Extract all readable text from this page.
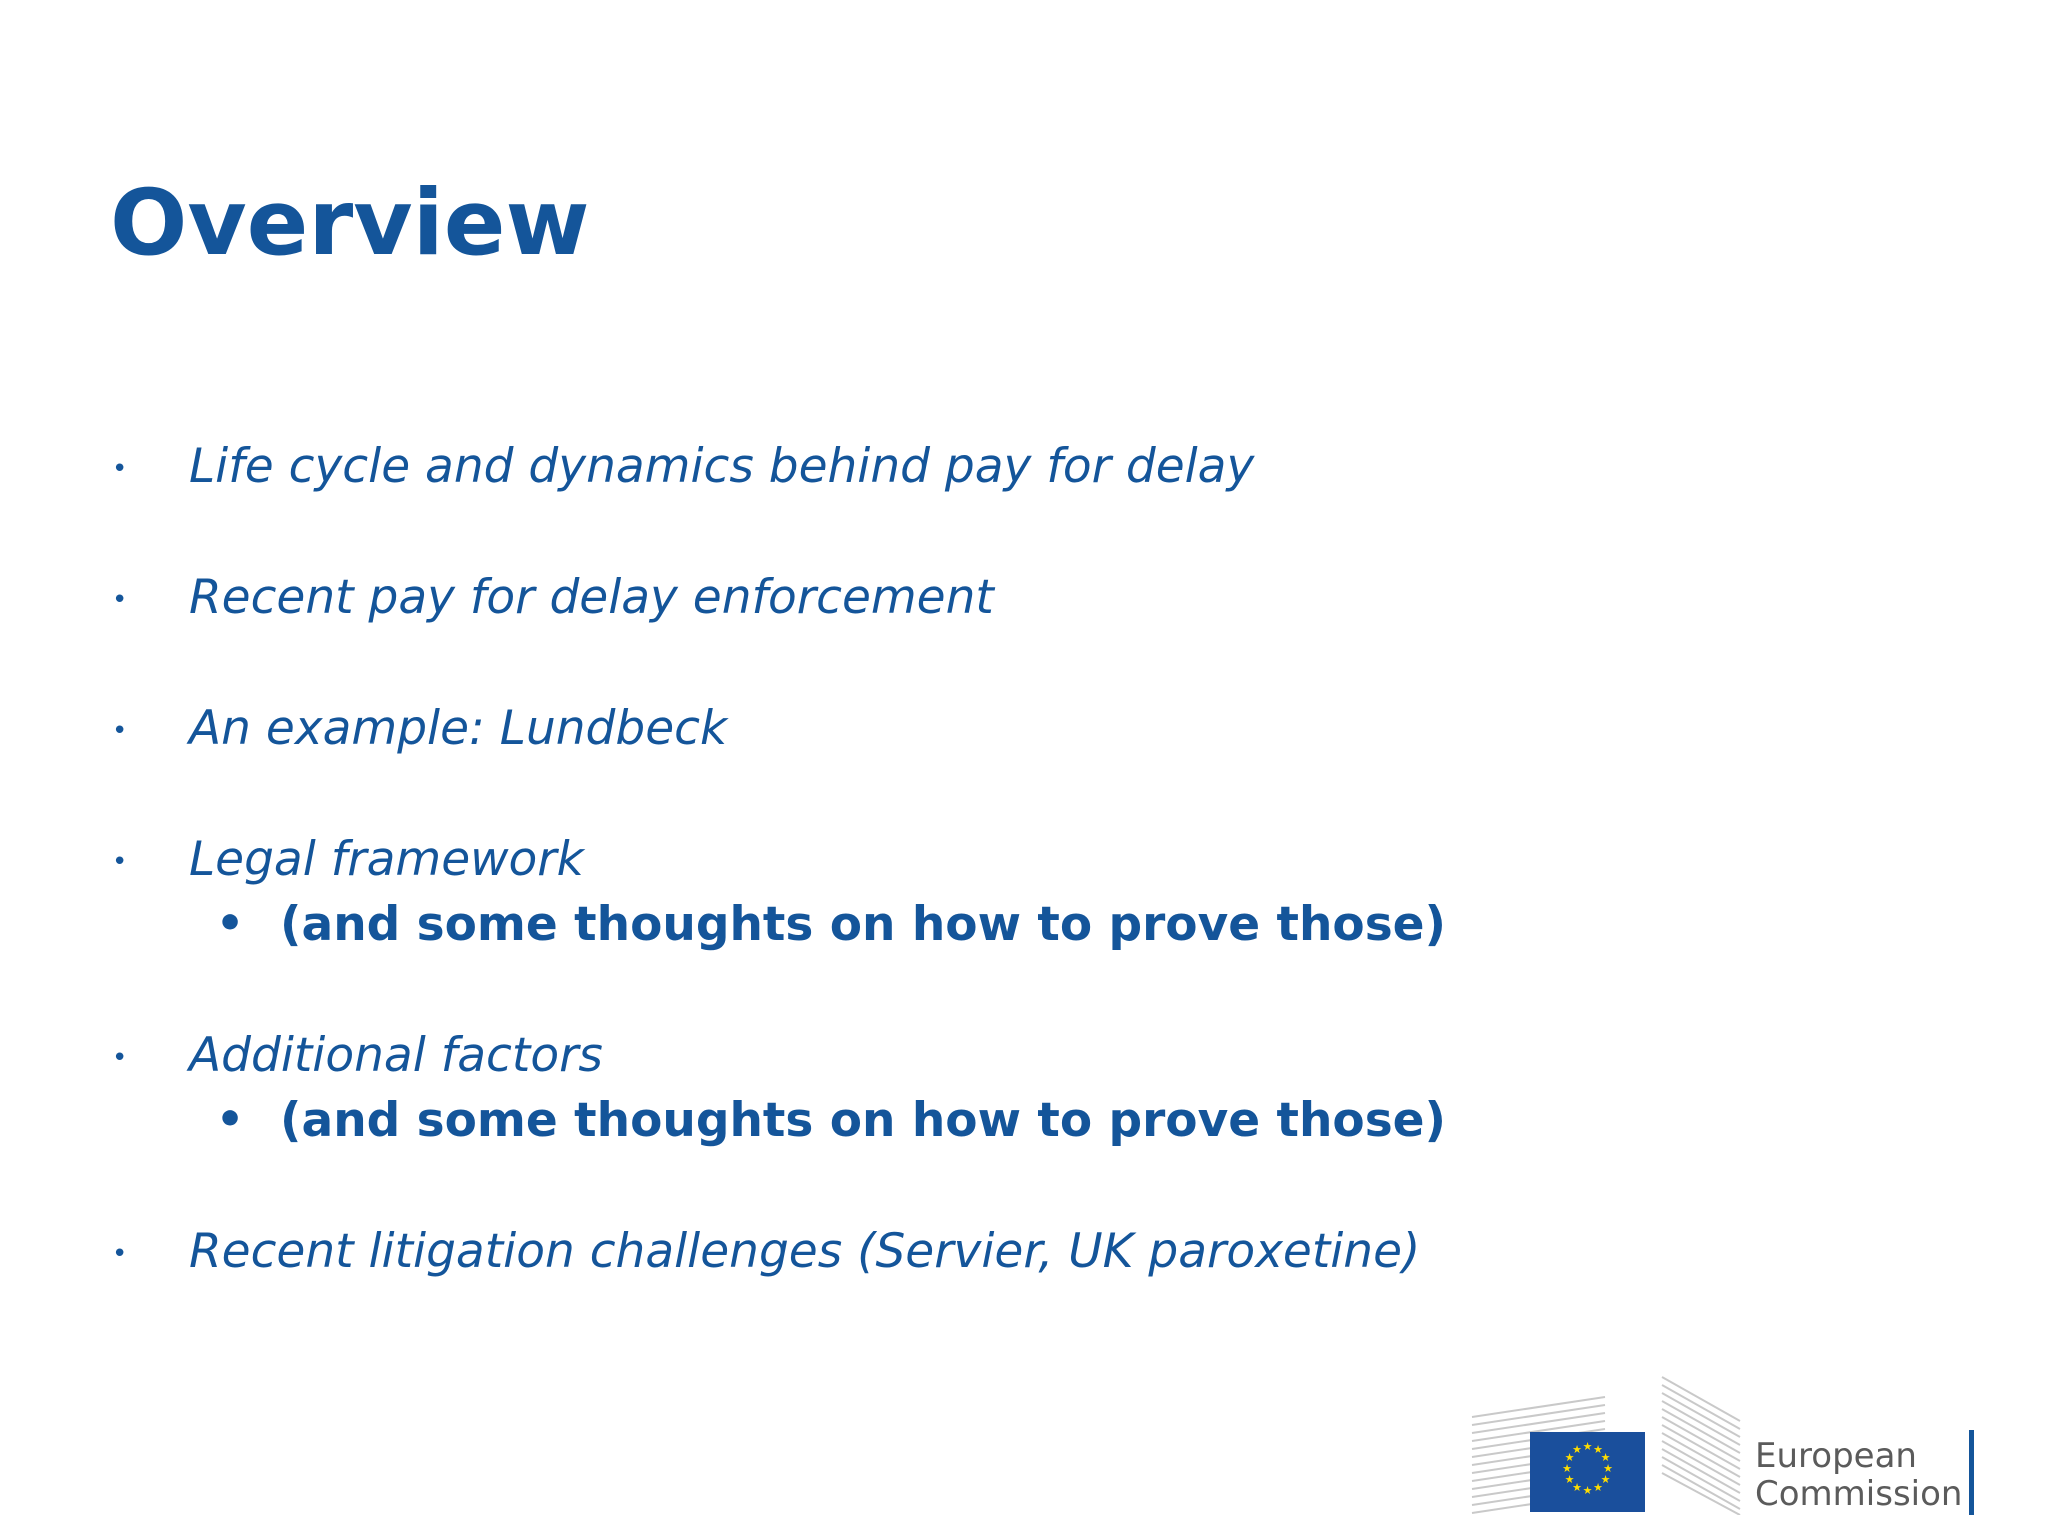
Overview
• Life cycle and dynamics behind pay for delay
• Recent pay for delay enforcement
• An example: Lundbeck
• Legal framework
• (and some thoughts on how to prove those)
• Additional factors
• (and some thoughts on how to prove those)
• Recent litigation challenges (Servier, UK paroxetine)
★ ★
★
★
★
★
★
★
★
★
★
★	European
Commission
